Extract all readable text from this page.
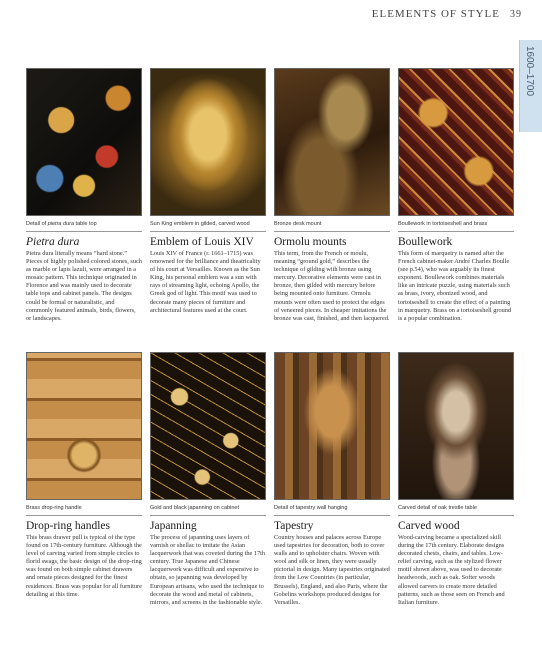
ELEMENTS OF STYLE 39
1600–1700
Detail of pietra dura table top
Pietra dura
Pietra dura literally means “hard stone.” Pieces of highly polished colored stones, such as marble or lapis lazuli, were arranged in a mosaic pattern. This technique originated in Florence and was mainly used to decorate table tops and cabinet panels. The designs could be formal or naturalistic, and commonly featured animals, birds, flowers, or landscapes.
Sun King emblem in gilded, carved wood
Emblem of Louis XIV
Louis XIV of France (r. 1661–1715) was renowned for the brilliance and theatricality of his court at Versailles. Known as the Sun King, his personal emblem was a sun with rays of streaming light, echoing Apollo, the Greek god of light. This motif was used to decorate many pieces of furniture and architectural features used at the court.
Bronze desk mount
Ormolu mounts
This term, from the French or moulu, meaning “ground gold,” describes the technique of gilding with bronze using mercury. Decorative elements were cast in bronze, then gilded with mercury before being mounted onto furniture. Ormolu mounts were often used to protect the edges of veneered pieces. In cheaper imitations the bronze was cast, finished, and then lacquered.
Boullework in tortoiseshell and brass
Boullework
This form of marquetry is named after the French cabinet-maker André Charles Boulle (see p.54), who was arguably its finest exponent. Boullework combines materials like an intricate puzzle, using materials such as brass, ivory, ebonized wood, and tortoiseshell to create the effect of a painting in marquetry. Brass on a tortoiseshell ground is a popular combination.
Brass drop-ring handle
Drop-ring handles
This brass drawer pull is typical of the type found on 17th-century furniture. Although the level of carving varied from simple circles to florid swags, the basic design of the drop-ring was found on both simple cabinet drawers and ornate pieces designed for the finest residences. Brass was popular for all furniture detailing at this time.
Gold and black japanning on cabinet
Japanning
The process of japanning uses layers of varnish or shellac to imitate the Asian lacquerwork that was coveted during the 17th century. True Japanese and Chinese lacquerwork was difficult and expensive to obtain, so japanning was developed by European artisans, who used the technique to decorate the wood and metal of cabinets, mirrors, and screens in the fashionable style.
Detail of tapestry wall hanging
Tapestry
Country houses and palaces across Europe used tapestries for decoration, both to cover walls and to upholster chairs. Woven with wool and silk or linen, they were usually pictorial in design. Many tapestries originated from the Low Countries (in particular, Brussels), England, and also Paris, where the Gobelins workshops produced designs for Versailles.
Carved detail of oak trestle table
Carved wood
Wood-carving became a specialized skill during the 17th century. Elaborate designs decorated chests, chairs, and tables. Low-relief carving, such as the stylized flower motif shown above, was used to decorate headwoods, such as oak. Softer woods allowed carvers to create more detailed patterns, such as those seen on French and Italian furniture.
